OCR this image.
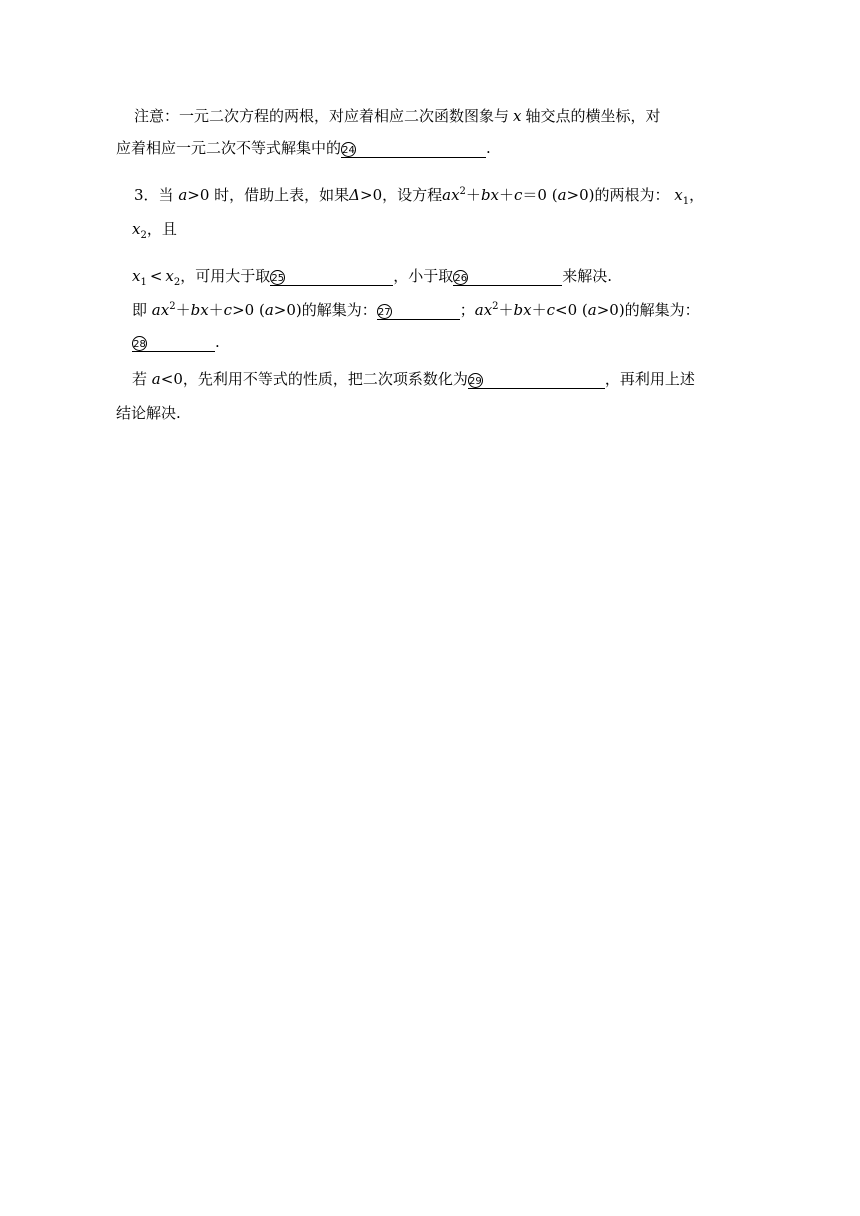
注意：一元二次方程的两根，对应着相应二次函数图象与 x 轴交点的横坐标，对
应着相应一元二次不等式解集中的 24	.
3．当 a>0 时，借助上表，如果Δ>0，设方程$ax^2+bx+c=0$ (a>0)的两根为： $x_1$，
$x_2$，且
$x_1 < x_2$，可用大于取 25	，小于取 26	来解决.
即 $ax^2+bx+c>0$ (a>0)的解集为： 27	；$ax^2+bx+c<0$ (a>0)的解集为：
28	.
若 a<0，先利用不等式的性质，把二次项系数化为 29	，再利用上述
结论解决.
